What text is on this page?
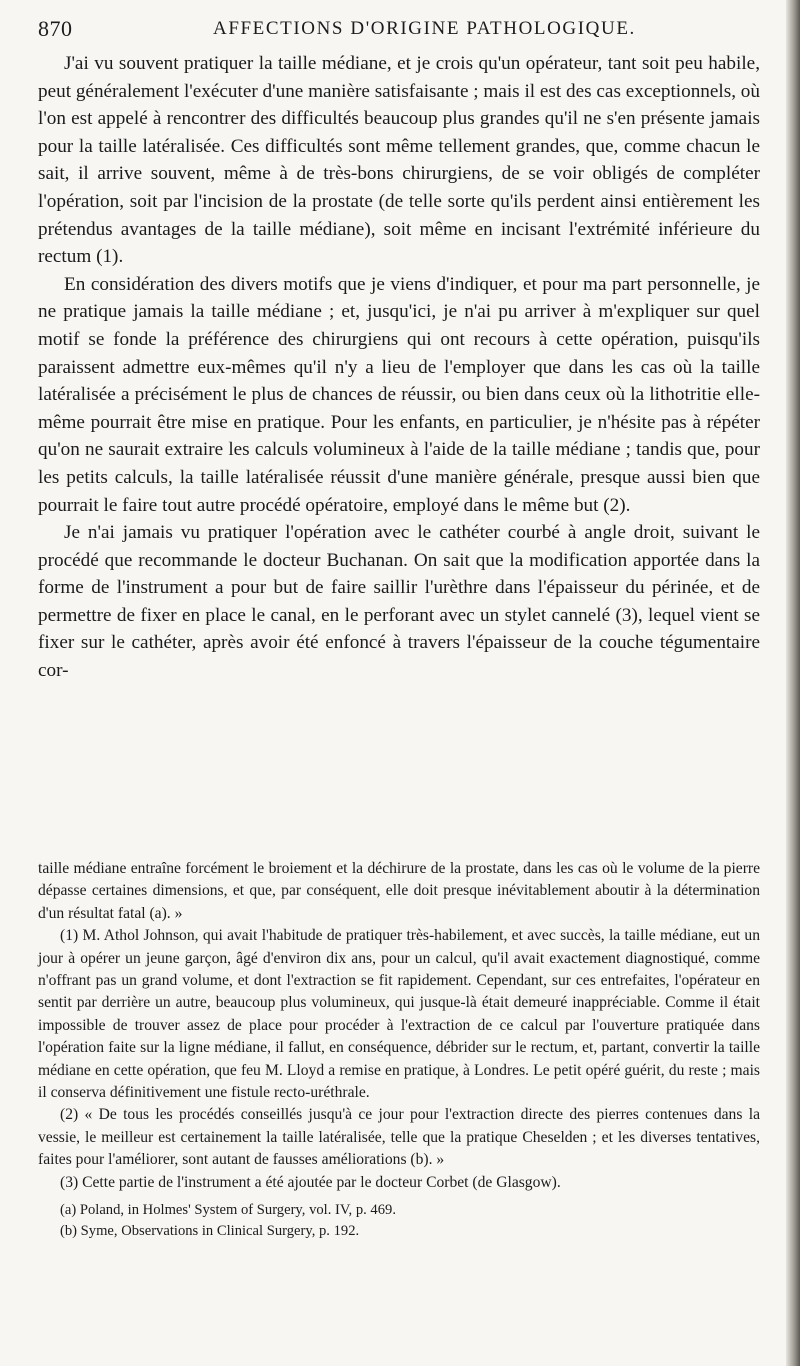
870	AFFECTIONS D'ORIGINE PATHOLOGIQUE.

J'ai vu souvent pratiquer la taille médiane, et je crois qu'un opérateur, tant soit peu habile, peut généralement l'exécuter d'une manière satisfaisante ; mais il est des cas exceptionnels, où l'on est appelé à rencontrer des difficultés beaucoup plus grandes qu'il ne s'en présente jamais pour la taille latéralisée. Ces difficultés sont même tellement grandes, que, comme chacun le sait, il arrive souvent, même à de très-bons chirurgiens, de se voir obligés de compléter l'opération, soit par l'incision de la prostate (de telle sorte qu'ils perdent ainsi entièrement les prétendus avantages de la taille médiane), soit même en incisant l'extrémité inférieure du rectum (1).

En considération des divers motifs que je viens d'indiquer, et pour ma part personnelle, je ne pratique jamais la taille médiane ; et, jusqu'ici, je n'ai pu arriver à m'expliquer sur quel motif se fonde la préférence des chirurgiens qui ont recours à cette opération, puisqu'ils paraissent admettre eux-mêmes qu'il n'y a lieu de l'employer que dans les cas où la taille latéralisée a précisément le plus de chances de réussir, ou bien dans ceux où la lithotritie elle-même pourrait être mise en pratique. Pour les enfants, en particulier, je n'hésite pas à répéter qu'on ne saurait extraire les calculs volumineux à l'aide de la taille médiane ; tandis que, pour les petits calculs, la taille latéralisée réussit d'une manière générale, presque aussi bien que pourrait le faire tout autre procédé opératoire, employé dans le même but (2).

Je n'ai jamais vu pratiquer l'opération avec le cathéter courbé à angle droit, suivant le procédé que recommande le docteur Buchanan. On sait que la modification apportée dans la forme de l'instrument a pour but de faire saillir l'urèthre dans l'épaisseur du périnée, et de permettre de fixer en place le canal, en le perforant avec un stylet cannelé (3), lequel vient se fixer sur le cathéter, après avoir été enfoncé à travers l'épaisseur de la couche tégumentaire cor-

taille médiane entraîne forcément le broiement et la déchirure de la prostate, dans les cas où le volume de la pierre dépasse certaines dimensions, et que, par conséquent, elle doit presque inévitablement aboutir à la détermination d'un résultat fatal (a). »

(1) M. Athol Johnson, qui avait l'habitude de pratiquer très-habilement, et avec succès, la taille médiane, eut un jour à opérer un jeune garçon, âgé d'environ dix ans, pour un calcul, qu'il avait exactement diagnostiqué, comme n'offrant pas un grand volume, et dont l'extraction se fit rapidement. Cependant, sur ces entrefaites, l'opérateur en sentit par derrière un autre, beaucoup plus volumineux, qui jusque-là était demeuré inappréciable. Comme il était impossible de trouver assez de place pour procéder à l'extraction de ce calcul par l'ouverture pratiquée dans l'opération faite sur la ligne médiane, il fallut, en conséquence, débrider sur le rectum, et, partant, convertir la taille médiane en cette opération, que feu M. Lloyd a remise en pratique, à Londres. Le petit opéré guérit, du reste ; mais il conserva définitivement une fistule recto-uréthrale.

(2) « De tous les procédés conseillés jusqu'à ce jour pour l'extraction directe des pierres contenues dans la vessie, le meilleur est certainement la taille latéralisée, telle que la pratique Cheselden ; et les diverses tentatives, faites pour l'améliorer, sont autant de fausses améliorations (b). »

(3) Cette partie de l'instrument a été ajoutée par le docteur Corbet (de Glasgow).

(a) Poland, in Holmes' System of Surgery, vol. IV, p. 469.

(b) Syme, Observations in Clinical Surgery, p. 192.
